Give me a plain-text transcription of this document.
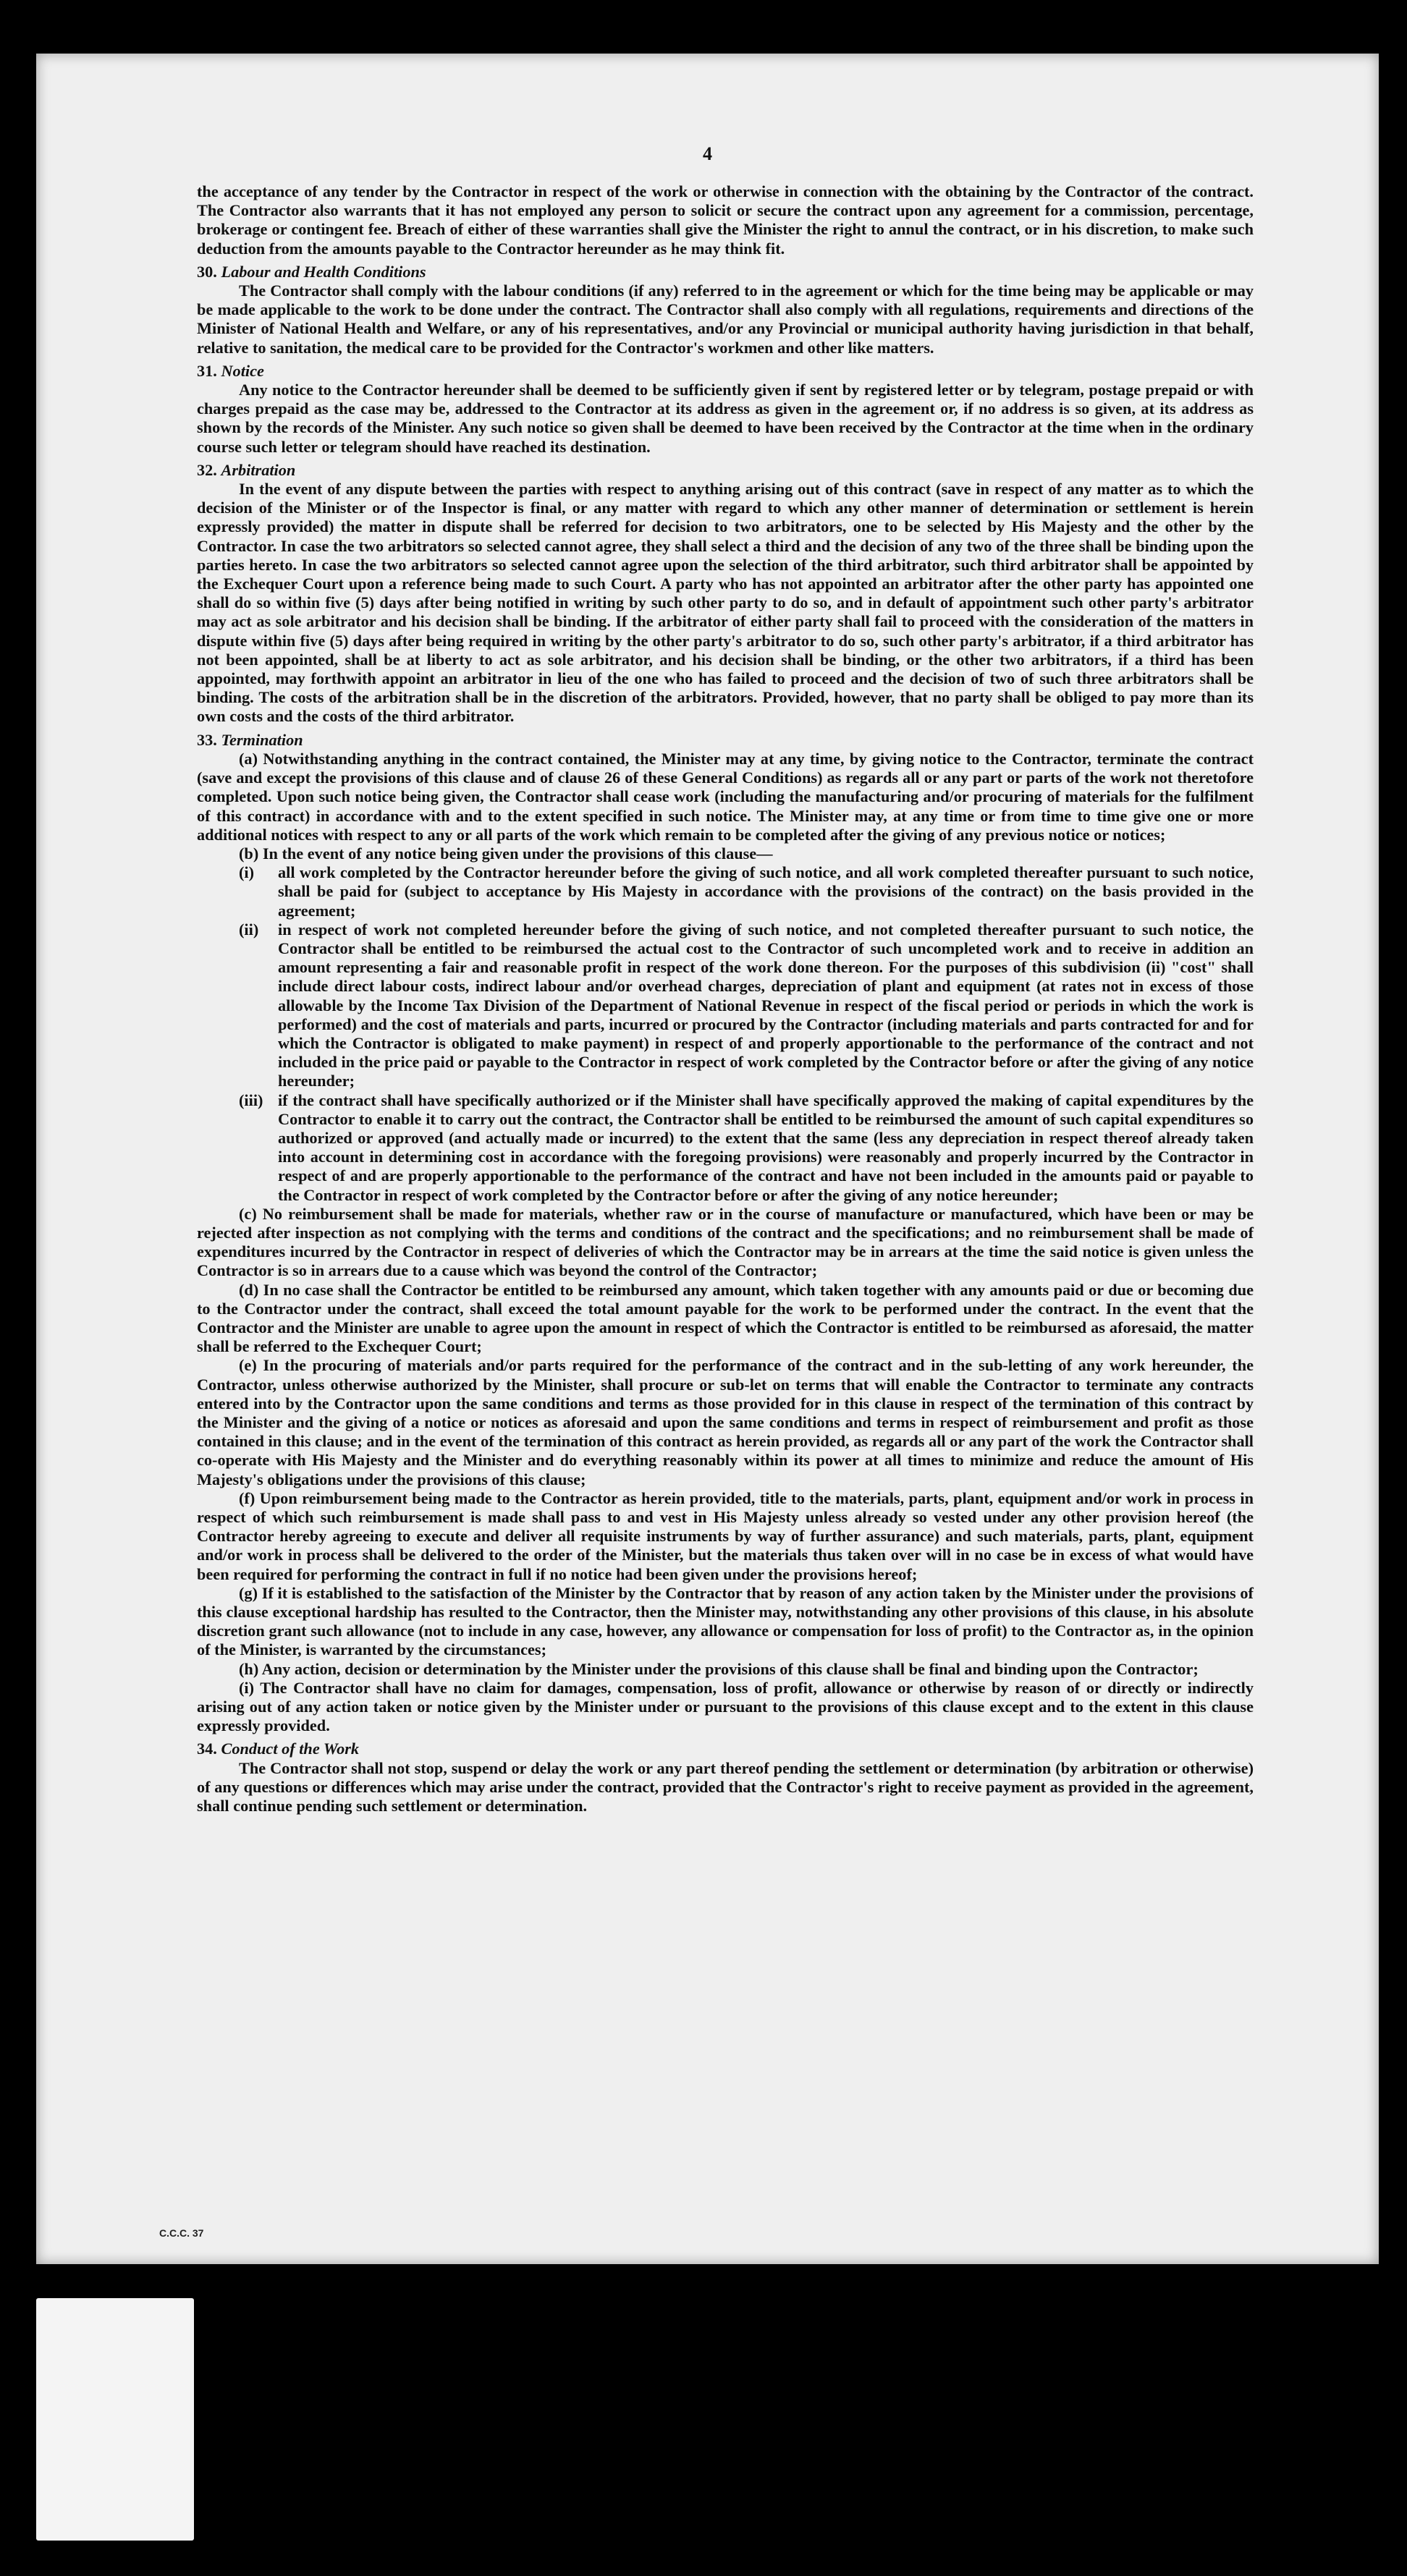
4

the acceptance of any tender by the Contractor in respect of the work or otherwise in connection with the obtaining by the Contractor of the contract. The Contractor also warrants that it has not employed any person to solicit or secure the contract upon any agreement for a commission, percentage, brokerage or contingent fee. Breach of either of these warranties shall give the Minister the right to annul the contract, or in his discretion, to make such deduction from the amounts payable to the Contractor hereunder as he may think fit.

30. Labour and Health Conditions

The Contractor shall comply with the labour conditions (if any) referred to in the agreement or which for the time being may be applicable or may be made applicable to the work to be done under the contract. The Contractor shall also comply with all regulations, requirements and directions of the Minister of National Health and Welfare, or any of his representatives, and/or any Provincial or municipal authority having jurisdiction in that behalf, relative to sanitation, the medical care to be provided for the Contractor's workmen and other like matters.

31. Notice

Any notice to the Contractor hereunder shall be deemed to be sufficiently given if sent by registered letter or by telegram, postage prepaid or with charges prepaid as the case may be, addressed to the Contractor at its address as given in the agreement or, if no address is so given, at its address as shown by the records of the Minister. Any such notice so given shall be deemed to have been received by the Contractor at the time when in the ordinary course such letter or telegram should have reached its destination.

32. Arbitration

In the event of any dispute between the parties with respect to anything arising out of this contract (save in respect of any matter as to which the decision of the Minister or of the Inspector is final, or any matter with regard to which any other manner of determination or settlement is herein expressly provided) the matter in dispute shall be referred for decision to two arbitrators, one to be selected by His Majesty and the other by the Contractor. In case the two arbitrators so selected cannot agree, they shall select a third and the decision of any two of the three shall be binding upon the parties hereto. In case the two arbitrators so selected cannot agree upon the selection of the third arbitrator, such third arbitrator shall be appointed by the Exchequer Court upon a reference being made to such Court. A party who has not appointed an arbitrator after the other party has appointed one shall do so within five (5) days after being notified in writing by such other party to do so, and in default of appointment such other party's arbitrator may act as sole arbitrator and his decision shall be binding. If the arbitrator of either party shall fail to proceed with the consideration of the matters in dispute within five (5) days after being required in writing by the other party's arbitrator to do so, such other party's arbitrator, if a third arbitrator has not been appointed, shall be at liberty to act as sole arbitrator, and his decision shall be binding, or the other two arbitrators, if a third has been appointed, may forthwith appoint an arbitrator in lieu of the one who has failed to proceed and the decision of two of such three arbitrators shall be binding. The costs of the arbitration shall be in the discretion of the arbitrators. Provided, however, that no party shall be obliged to pay more than its own costs and the costs of the third arbitrator.

33. Termination

(a) Notwithstanding anything in the contract contained, the Minister may at any time, by giving notice to the Contractor, terminate the contract (save and except the provisions of this clause and of clause 26 of these General Conditions) as regards all or any part or parts of the work not theretofore completed. Upon such notice being given, the Contractor shall cease work (including the manufacturing and/or procuring of materials for the fulfilment of this contract) in accordance with and to the extent specified in such notice. The Minister may, at any time or from time to time give one or more additional notices with respect to any or all parts of the work which remain to be completed after the giving of any previous notice or notices;

(b) In the event of any notice being given under the provisions of this clause—

(i)	all work completed by the Contractor hereunder before the giving of such notice, and all work completed thereafter pursuant to such notice, shall be paid for (subject to acceptance by His Majesty in accordance with the provisions of the contract) on the basis provided in the agreement;
(ii)	in respect of work not completed hereunder before the giving of such notice, and not completed thereafter pursuant to such notice, the Contractor shall be entitled to be reimbursed the actual cost to the Contractor of such uncompleted work and to receive in addition an amount representing a fair and reasonable profit in respect of the work done thereon. For the purposes of this subdivision (ii) "cost" shall include direct labour costs, indirect labour and/or overhead charges, depreciation of plant and equipment (at rates not in excess of those allowable by the Income Tax Division of the Department of National Revenue in respect of the fiscal period or periods in which the work is performed) and the cost of materials and parts, incurred or procured by the Contractor (including materials and parts contracted for and for which the Contractor is obligated to make payment) in respect of and properly apportionable to the performance of the contract and not included in the price paid or payable to the Contractor in respect of work completed by the Contractor before or after the giving of any notice hereunder;
(iii) if the contract shall have specifically authorized or if the Minister shall have specifically approved the making of capital expenditures by the Contractor to enable it to carry out the contract, the Contractor shall be entitled to be reimbursed the amount of such capital expenditures so authorized or approved (and actually made or incurred) to the extent that the same (less any depreciation in respect thereof already taken into account in determining cost in accordance with the foregoing provisions) were reasonably and properly incurred by the Contractor in respect of and are properly apportionable to the performance of the contract and have not been included in the amounts paid or payable to the Contractor in respect of work completed by the Contractor before or after the giving of any notice hereunder;

(c) No reimbursement shall be made for materials, whether raw or in the course of manufacture or manufactured, which have been or may be rejected after inspection as not complying with the terms and conditions of the contract and the specifications; and no reimbursement shall be made of expenditures incurred by the Contractor in respect of deliveries of which the Contractor may be in arrears at the time the said notice is given unless the Contractor is so in arrears due to a cause which was beyond the control of the Contractor;

(d) In no case shall the Contractor be entitled to be reimbursed any amount, which taken together with any amounts paid or due or becoming due to the Contractor under the contract, shall exceed the total amount payable for the work to be performed under the contract. In the event that the Contractor and the Minister are unable to agree upon the amount in respect of which the Contractor is entitled to be reimbursed as aforesaid, the matter shall be referred to the Exchequer Court;

(e) In the procuring of materials and/or parts required for the performance of the contract and in the sub-letting of any work hereunder, the Contractor, unless otherwise authorized by the Minister, shall procure or sub-let on terms that will enable the Contractor to terminate any contracts entered into by the Contractor upon the same conditions and terms as those provided for in this clause in respect of the termination of this contract by the Minister and the giving of a notice or notices as aforesaid and upon the same conditions and terms in respect of reimbursement and profit as those contained in this clause; and in the event of the termination of this contract as herein provided, as regards all or any part of the work the Contractor shall co-operate with His Majesty and the Minister and do everything reasonably within its power at all times to minimize and reduce the amount of His Majesty's obligations under the provisions of this clause;

(f) Upon reimbursement being made to the Contractor as herein provided, title to the materials, parts, plant, equipment and/or work in process in respect of which such reimbursement is made shall pass to and vest in His Majesty unless already so vested under any other provision hereof (the Contractor hereby agreeing to execute and deliver all requisite instruments by way of further assurance) and such materials, parts, plant, equipment and/or work in process shall be delivered to the order of the Minister, but the materials thus taken over will in no case be in excess of what would have been required for performing the contract in full if no notice had been given under the provisions hereof;

(g) If it is established to the satisfaction of the Minister by the Contractor that by reason of any action taken by the Minister under the provisions of this clause exceptional hardship has resulted to the Contractor, then the Minister may, notwithstanding any other provisions of this clause, in his absolute discretion grant such allowance (not to include in any case, however, any allowance or compensation for loss of profit) to the Contractor as, in the opinion of the Minister, is warranted by the circumstances;

(h) Any action, decision or determination by the Minister under the provisions of this clause shall be final and binding upon the Contractor;

(i) The Contractor shall have no claim for damages, compensation, loss of profit, allowance or otherwise by reason of or directly or indirectly arising out of any action taken or notice given by the Minister under or pursuant to the provisions of this clause except and to the extent in this clause expressly provided.

34. Conduct of the Work

The Contractor shall not stop, suspend or delay the work or any part thereof pending the settlement or determination (by arbitration or otherwise) of any questions or differences which may arise under the contract, provided that the Contractor's right to receive payment as provided in the agreement, shall continue pending such settlement or determination.

C.C.C. 37
